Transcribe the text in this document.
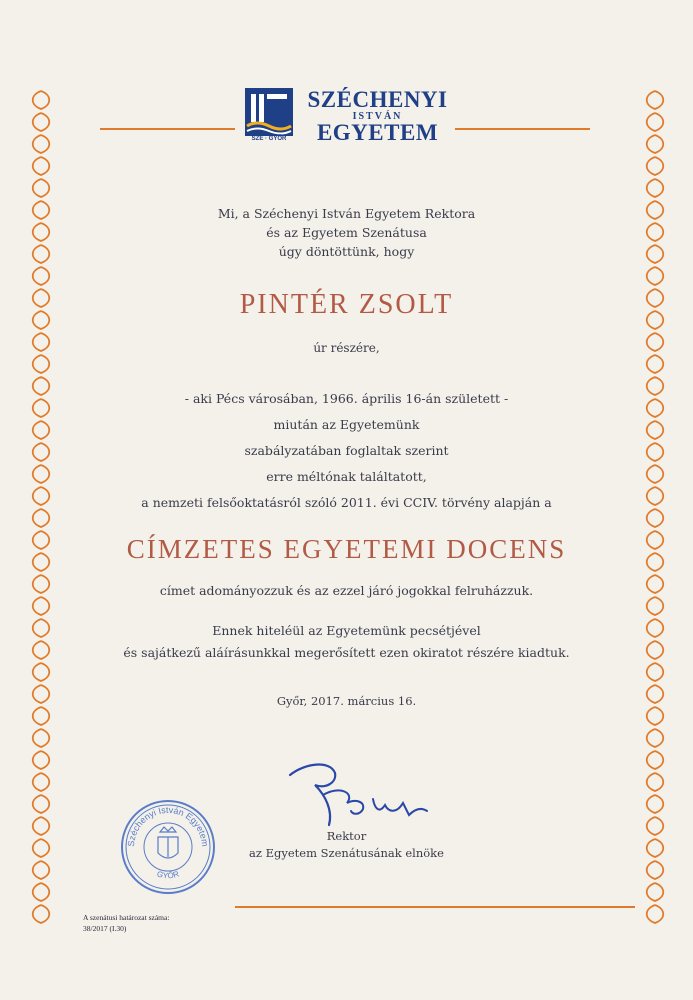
SZE · GYŐR
SZÉCHENYI
ISTVÁN
EGYETEM
Mi, a Széchenyi István Egyetem Rektora
és az Egyetem Szenátusa
úgy döntöttünk, hogy
PINTÉR ZSOLT
úr részére,
- aki Pécs városában, 1966. április 16-án született -
miután az Egyetemünk
szabályzatában foglaltak szerint
erre méltónak találtatott,
a nemzeti felsőoktatásról szóló 2011. évi CCIV. törvény alapján a
CÍMZETES EGYETEMI DOCENS
címet adományozzuk és az ezzel járó jogokkal felruházzuk.
Ennek hiteléül az Egyetemünk pecsétjével
és sajátkezű aláírásunkkal megerősített ezen okiratot részére kiadtuk.
Győr, 2017. március 16.
Rektor
az Egyetem Szenátusának elnöke
Széchenyi István Egyetem
GYŐR
A szenátusi határozat száma:
38/2017 (I.30)
